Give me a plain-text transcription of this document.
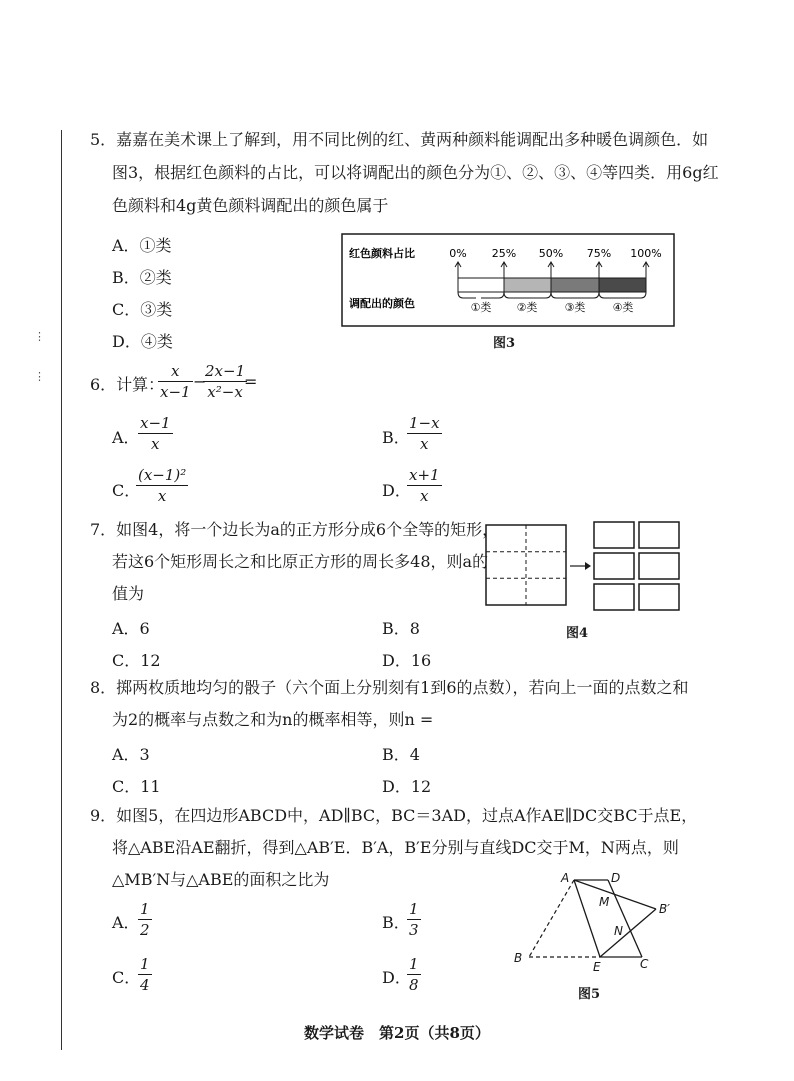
⋮
⋮
5．嘉嘉在美术课上了解到，用不同比例的红、黄两种颜料能调配出多种暖色调颜色．如
图3，根据红色颜料的占比，可以将调配出的颜色分为①、②、③、④等四类．用6g红
色颜料和4g黄色颜料调配出的颜色属于
A．①类
B．②类
C．③类
D．④类
红色颜料占比
调配出的颜色
0% 25% 50% 75% 100%
①类 ②类 ③类 ④类
图3
6．计算：
$\frac{x}{x-1}$ −
$\frac{2x-1}{\text{x²−x}}$
=
A．
$\frac{x-1}{x}$	B．
$\frac{1-x}{x}$
C．
$\frac{\text{(x−1)²}}{x}$	D．
$\frac{x+1}{x}$
7．如图4，将一个边长为a的正方形分成6个全等的矩形，
若这6个矩形周长之和比原正方形的周长多48，则a的
值为
A．6	B．8
C．12	D．16
图4
8．掷两枚质地均匀的骰子（六个面上分别刻有1到6的点数），若向上一面的点数之和
为2的概率与点数之和为n的概率相等，则n =
A．3	B．4
C．11	D．12
9．如图5，在四边形ABCD中，AD∥BC，BC＝3AD，过点A作AE∥DC交BC于点E，
将△ABE沿AE翻折，得到△AB′E．B′A，B′E分别与直线DC交于M，N两点，则
△MB′N与△ABE的面积之比为
A．
$\frac{1}{2}$	B．
$\frac{1}{3}$
C．
$\frac{1}{4}$	D．
$\frac{1}{8}$
A	D
M	B′
N
B
E	C
图5
数学试卷　第2页（共8页）
